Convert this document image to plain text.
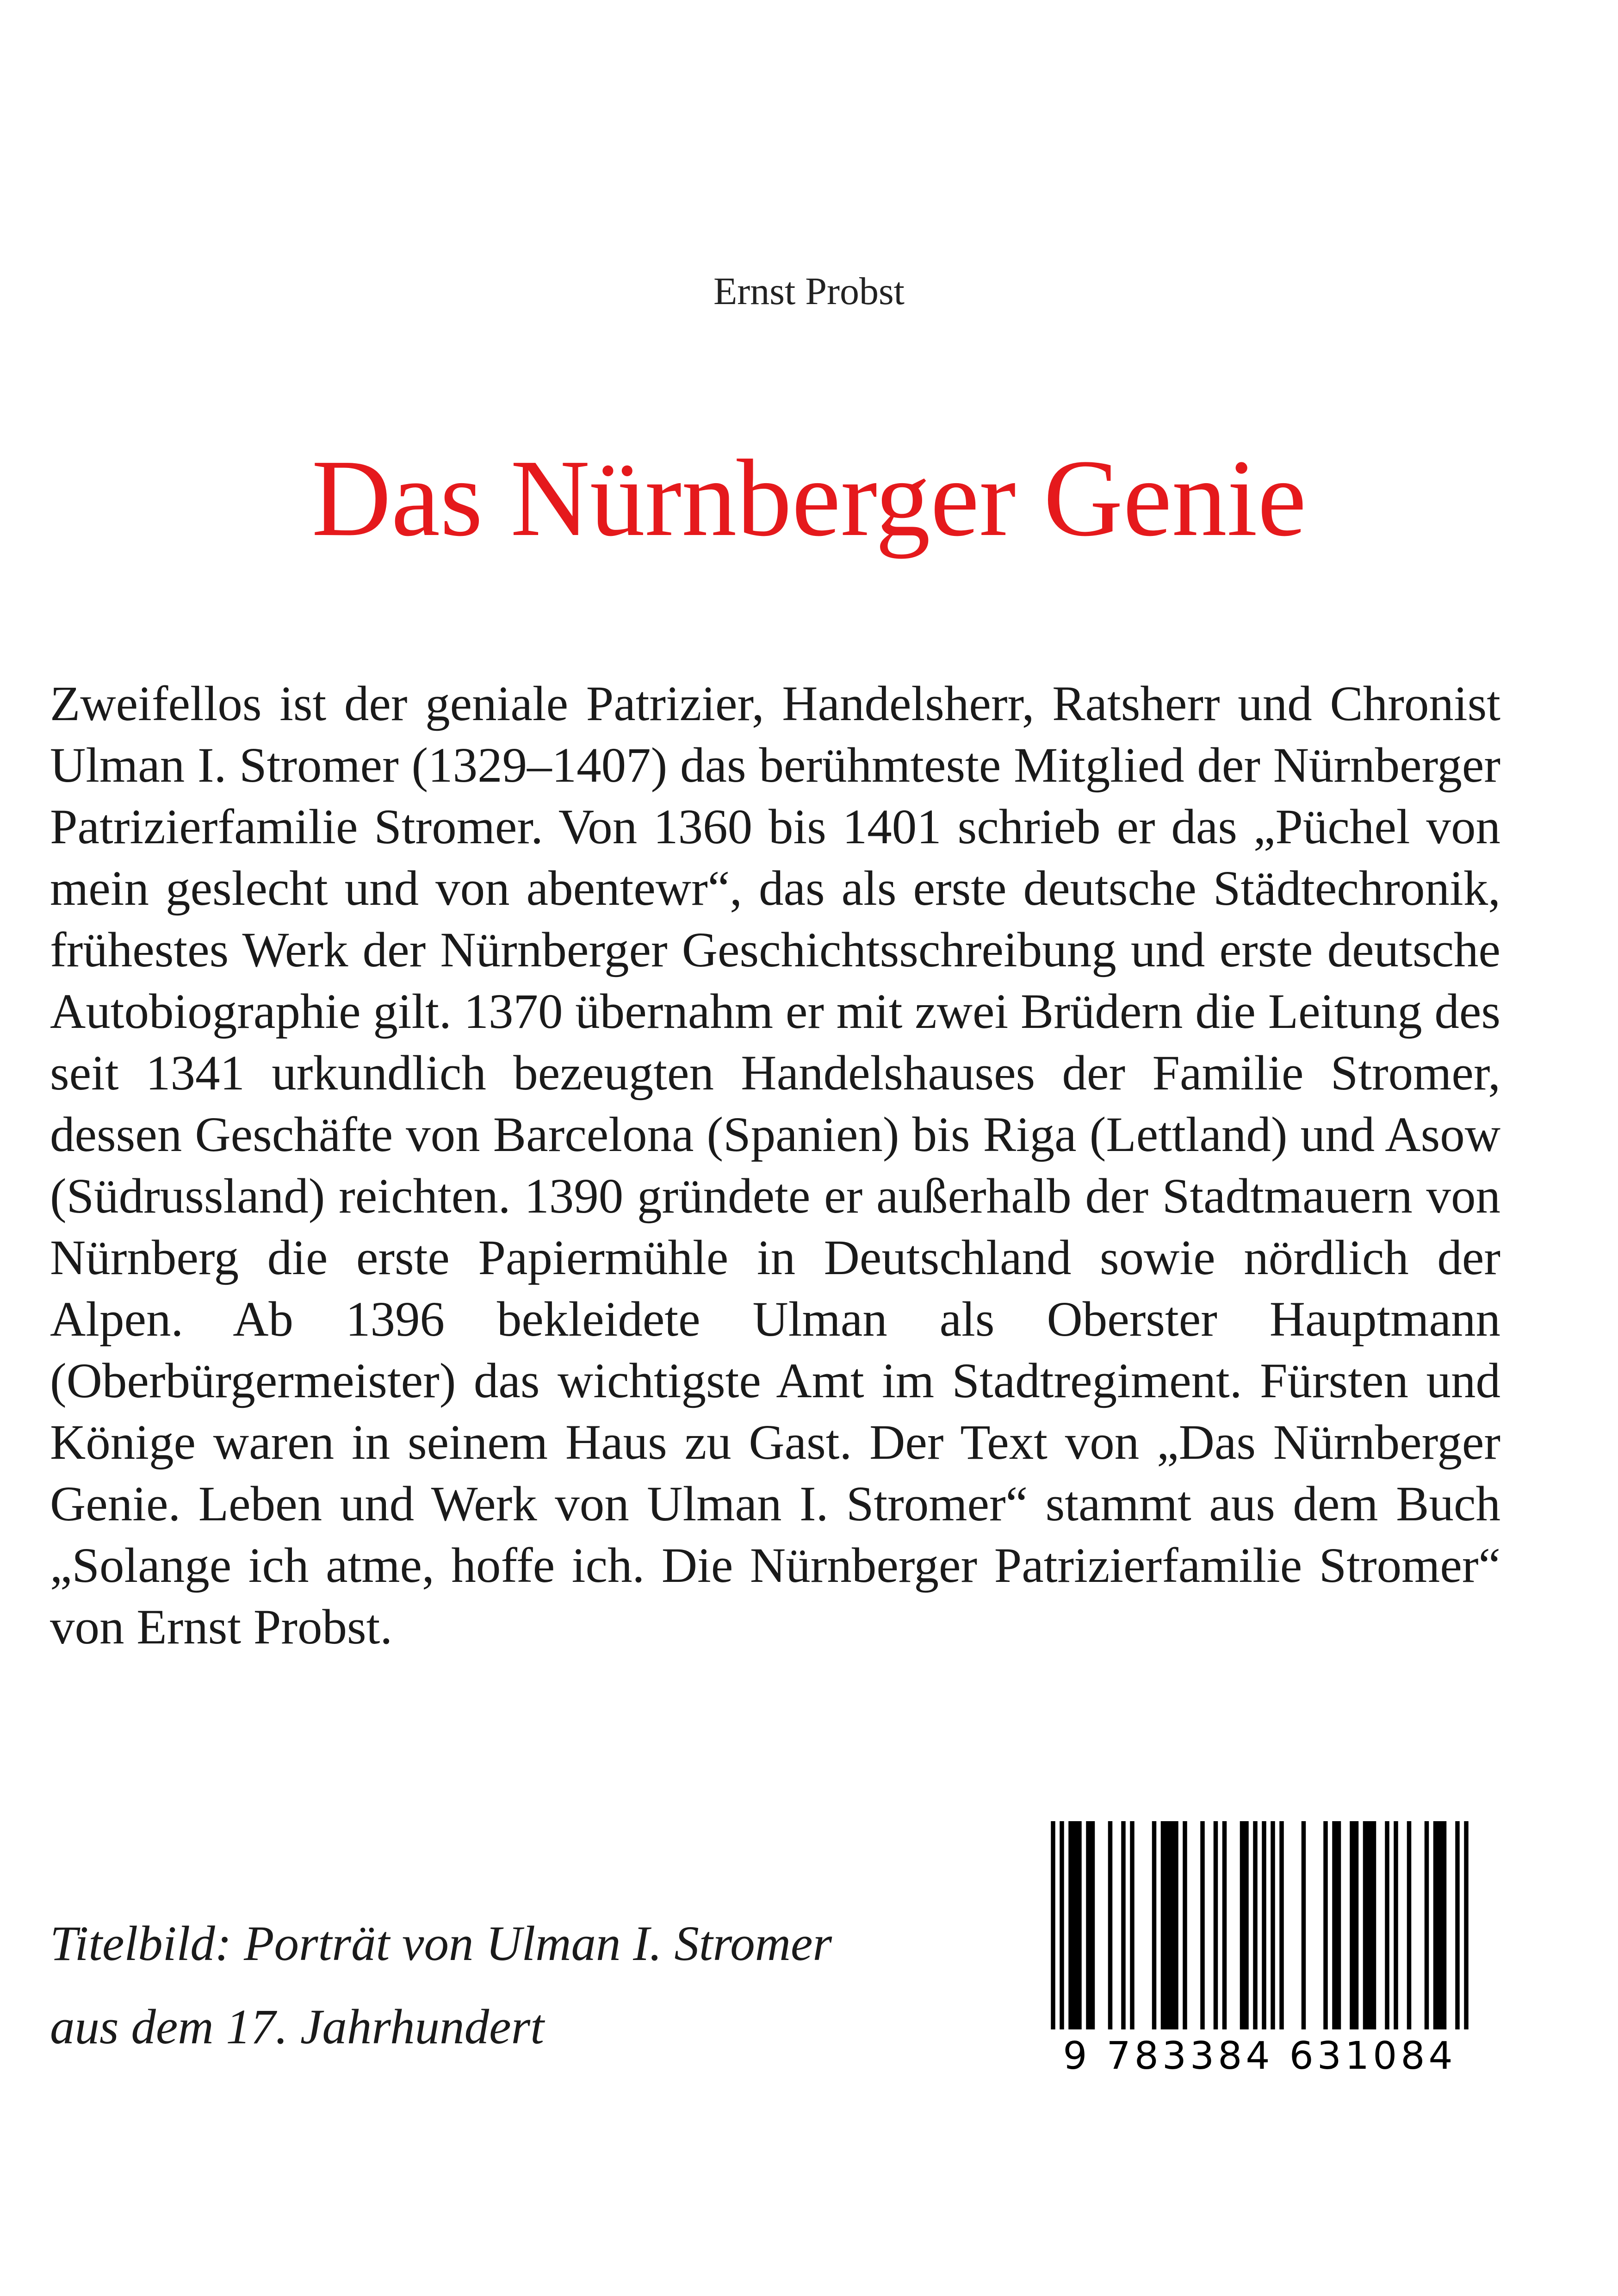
Ernst Probst
Das Nürnberger Genie

Zweifellos ist der geniale Patrizier, Handelsherr, Ratsherr und Chronist Ulman I. Stromer (1329–1407) das berühmteste Mitglied der Nürnberger Patrizierfamilie Stromer. Von 1360 bis 1401 schrieb er das „Püchel von mein geslecht und von abentewr“, das als erste deutsche Städtechronik, frühestes Werk der Nürnberger Geschichtsschreibung und erste deutsche Autobiographie gilt. 1370 übernahm er mit zwei Brüdern die Leitung des seit 1341 urkundlich bezeugten Handelshauses der Familie Stromer, dessen Geschäfte von Barcelona (Spanien) bis Riga (Lettland) und Asow (Südrussland) reichten. 1390 gründete er außerhalb der Stadtmauern von Nürnberg die erste Papiermühle in Deutschland sowie nördlich der Alpen. Ab 1396 bekleidete Ulman als Oberster Hauptmann (Oberbürgermeister) das wichtigste Amt im Stadtregiment. Fürsten und Könige waren in seinem Haus zu Gast. Der Text von „Das Nürnberger Genie. Leben und Werk von Ulman I. Stromer“ stammt aus dem Buch „Solange ich atme, hoffe ich. Die Nürnberger Patrizierfamilie Stromer“ von Ernst Probst.

Titelbild: Porträt von Ulman I. Stromer
aus dem 17. Jahrhundert
9 783384 631084
